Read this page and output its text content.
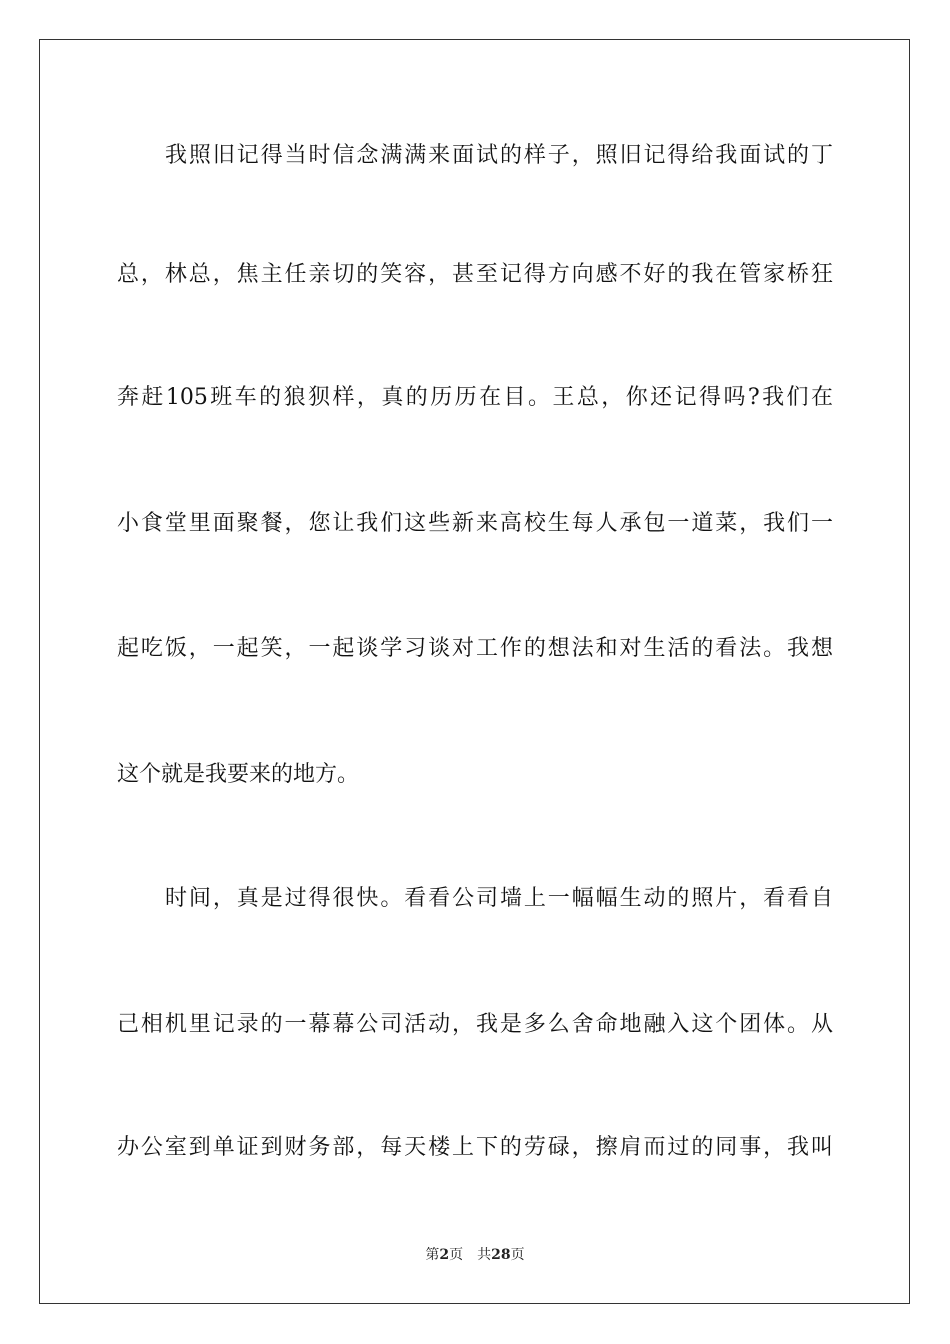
我照旧记得当时信念满满来面试的样子，照旧记得给我面试的丁
总，林总，焦主任亲切的笑容，甚至记得方向感不好的我在管家桥狂
奔赶105班车的狼狈样，真的历历在目。王总，你还记得吗?我们在
小食堂里面聚餐，您让我们这些新来高校生每人承包一道菜，我们一
起吃饭，一起笑，一起谈学习谈对工作的想法和对生活的看法。我想
这个就是我要来的地方。
时间，真是过得很快。看看公司墙上一幅幅生动的照片，看看自
己相机里记录的一幕幕公司活动，我是多么舍命地融入这个团体。从
办公室到单证到财务部，每天楼上下的劳碌，擦肩而过的同事，我叫
第2页 共28页
